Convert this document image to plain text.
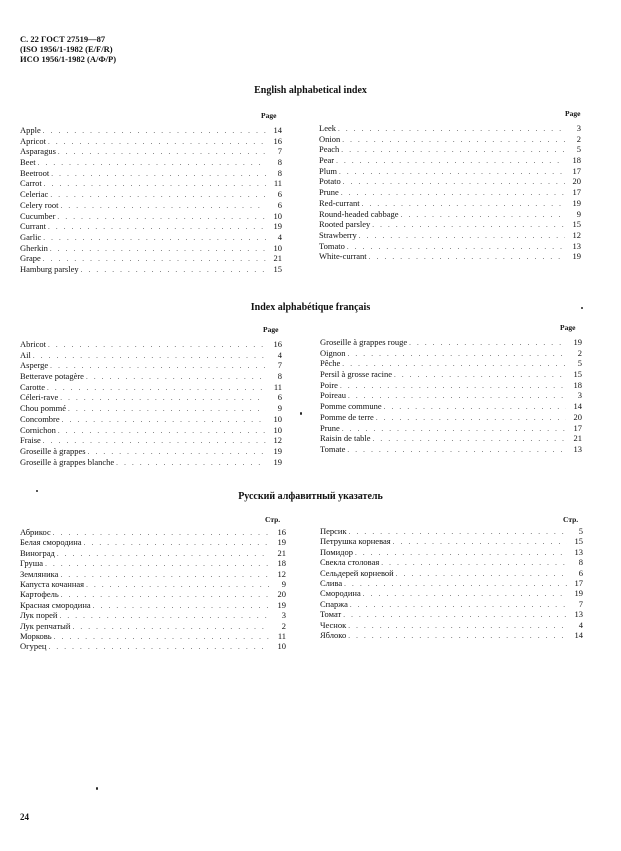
С. 22 ГОСТ 27519—87
(ISO 1956/1-1982 (E/F/R)
ИСО 1956/1-1982 (А/Ф/Р)
English alphabetical index
Page	Page
Apple . . .	14
Apricot . . .	16
Asparagus . . .	7
Beet . . .	8
Beetroot . . .	8
Carrot . . .	11
Celeriac . . .	6
Celery root . . .	6
Cucumber . . .	10
Currant . . .	19
Garlic . . .	4
Gherkin . . .	10
Grape . . .	21
Hamburg parsley . . .	15
Leek . . .	3
Onion . . .	2
Peach . . .	5
Pear . . .	18
Plum . . .	17
Potato . . .	20
Prune . . .	17
Red-currant . . .	19
Round-headed cabbage . . .	9
Rooted parsley . . .	15
Strawberry . . .	12
Tomato . . .	13
White-currant . . .	19
Index alphabétique français
Page	Page
Abricot . . .	16
Ail . . .	4
Asperge . . .	7
Betterave potagère . . .	8
Carotte . . .	11
Céleri-rave . . .	6
Chou pommé . . .	9
Concombre . . .	10
Cornichon . . .	10
Fraise . . .	12
Groseille à grappes . . .	19
Groseille à grappes blanche . . .	19
Groseille à grappes rouge . . .	19
Oignon . . .	2
Pêche . . .	5
Persil à grosse racine . . .	15
Poire . . .	18
Poireau . . .	3
Pomme commune . . .	14
Pomme de terre . . .	20
Prune . . .	17
Raisin de table . . .	21
Tomate . . .	13
Русский алфавитный указатель
Стр.	Стр.
Абрикос . . .	16
Белая смородина . . .	19
Виноград . . .	21
Груша . . .	18
Земляника . . .	12
Капуста кочанная . . .	9
Картофель . . .	20
Красная смородина . . .	19
Лук порей . . .	3
Лук репчатый . . .	2
Морковь . . .	11
Огурец . . .	10
Персик . . .	5
Петрушка корневая . . .	15
Помидор . . .	13
Свекла столовая . . .	8
Сельдерей корневой . . .	6
Слива . . .	17
Смородина . . .	19
Спаржа . . .	7
Томат . . .	13
Чеснок . . .	4
Яблоко . . .	14
24
